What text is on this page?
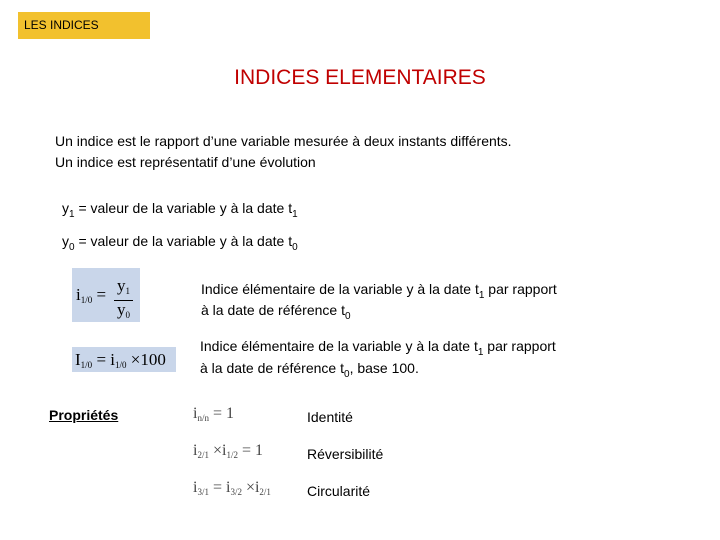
LES INDICES
INDICES ELEMENTAIRES
Un indice est le rapport d’une variable mesurée à deux instants différents.
Un indice est représentatif d’une évolution
$y_1$ = valeur de la variable y à la date $t_1$
$y_0$ = valeur de la variable y à la date $t_0$
$i1/0 = \frac{y1}{y0}$	Indice élémentaire de la variable y à la date $t_1$ par rapport
à la date de référence $t_0$
I1/0 = i1/0 ×100
Indice élémentaire de la variable y à la date $t_1$ par rapport
à la date de référence $t_0$, base 100.
Propriétés	in/n = 1	Identité
i2/1 ×i1/2 = 1	Réversibilité
i3/1 = i3/2 ×i2/1	Circularité
